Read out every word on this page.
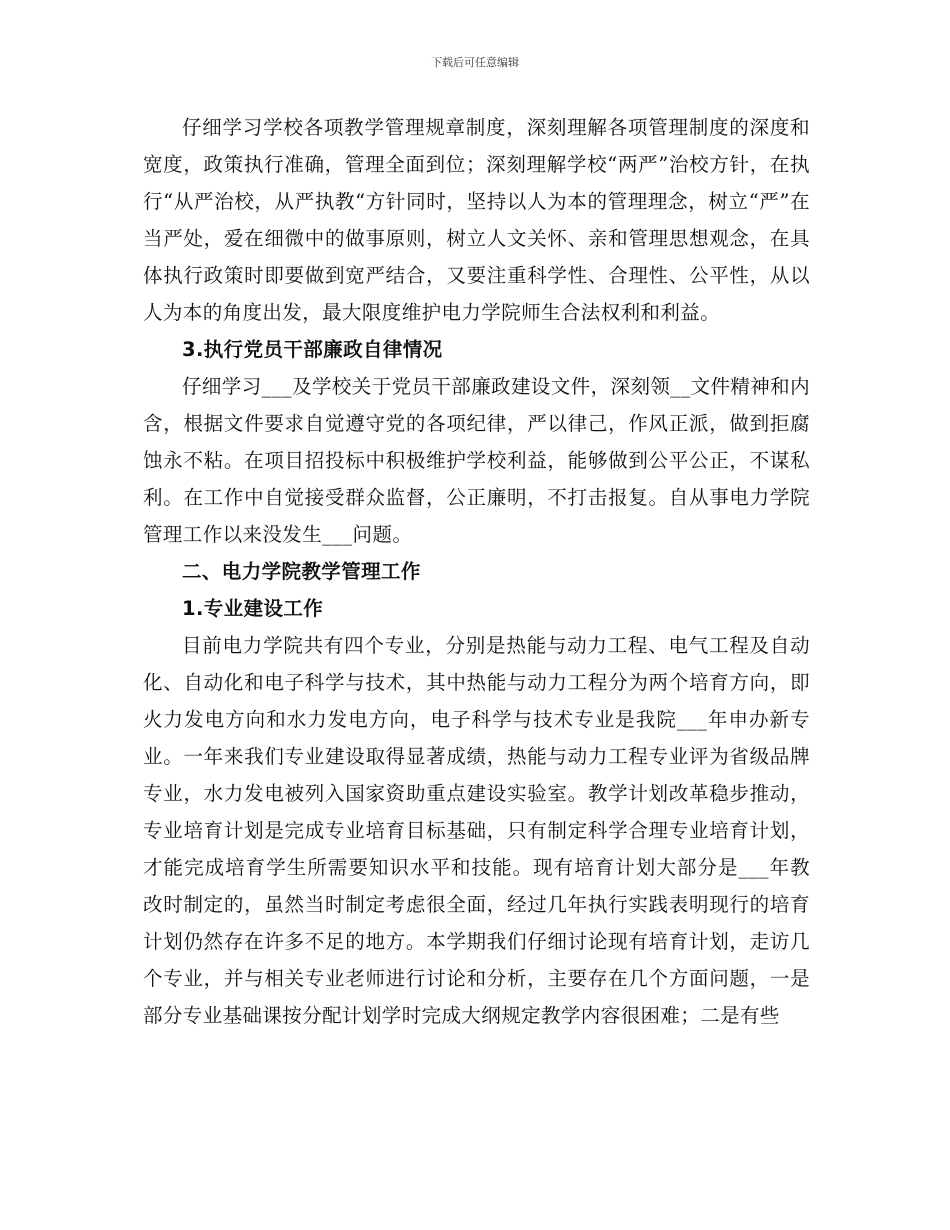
下载后可任意编辑

仔细学习学校各项教学管理规章制度，深刻理解各项管理制度的深度和宽度，政策执行准确，管理全面到位；深刻理解学校“两严”治校方针，在执行“从严治校，从严执教“方针同时，坚持以人为本的管理理念，树立“严”在当严处，爱在细微中的做事原则，树立人文关怀、亲和管理思想观念，在具体执行政策时即要做到宽严结合，又要注重科学性、合理性、公平性，从以人为本的角度出发，最大限度维护电力学院师生合法权利和利益。

3.执行党员干部廉政自律情况

仔细学习___及学校关于党员干部廉政建设文件，深刻领__文件精神和内含，根据文件要求自觉遵守党的各项纪律，严以律己，作风正派，做到拒腐蚀永不粘。在项目招投标中积极维护学校利益，能够做到公平公正，不谋私利。在工作中自觉接受群众监督，公正廉明，不打击报复。自从事电力学院管理工作以来没发生___问题。

二、电力学院教学管理工作

1.专业建设工作

目前电力学院共有四个专业，分别是热能与动力工程、电气工程及自动化、自动化和电子科学与技术，其中热能与动力工程分为两个培育方向，即火力发电方向和水力发电方向，电子科学与技术专业是我院___年申办新专业。一年来我们专业建设取得显著成绩，热能与动力工程专业评为省级品牌专业，水力发电被列入国家资助重点建设实验室。教学计划改革稳步推动，专业培育计划是完成专业培育目标基础，只有制定科学合理专业培育计划，才能完成培育学生所需要知识水平和技能。现有培育计划大部分是___年教改时制定的，虽然当时制定考虑很全面，经过几年执行实践表明现行的培育计划仍然存在许多不足的地方。本学期我们仔细讨论现有培育计划，走访几个专业，并与相关专业老师进行讨论和分析，主要存在几个方面问题，一是部分专业基础课按分配计划学时完成大纲规定教学内容很困难；二是有些
